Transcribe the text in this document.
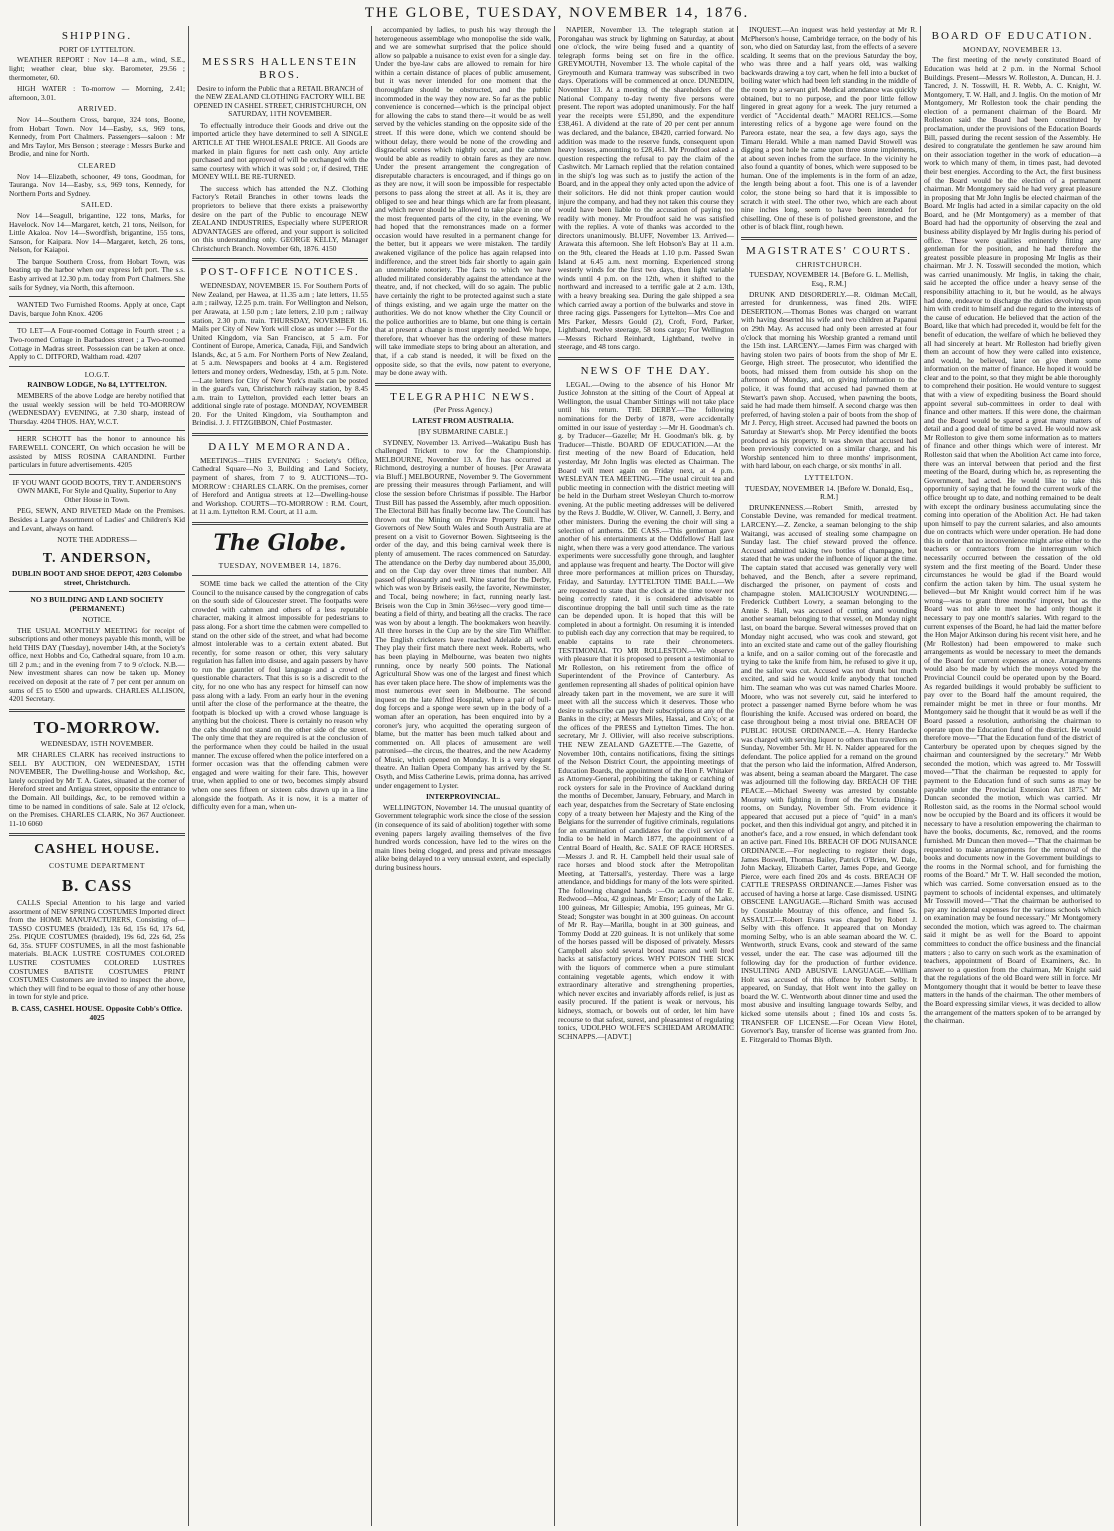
THE GLOBE, TUESDAY, NOVEMBER 14, 1876.
SHIPPING.
PORT OF LYTTELTON.

WEATHER REPORT : Nov 14—8 a.m., wind, S.E., light; weather clear, blue sky. Barometer, 29.56 ; thermometer, 60.

HIGH WATER : To-morrow — Morning, 2.41; afternoon, 3.01.

ARRIVED.

Nov 14—Southern Cross, barque, 324 tons, Boone, from Hobart Town. Nov 14—Easby, s.s, 969 tons, Kennedy, from Port Chalmers. Passengers—saloon : Mr and Mrs Taylor, Mrs Benson ; steerage : Messrs Burke and Brodie, and nine for North.

CLEARED

Nov 14—Elizabeth, schooner, 49 tons, Goodman, for Tauranga. Nov 14—Easby, s.s, 969 tons, Kennedy, for Northern Ports and Sydney.

SAILED.

Nov 14—Seagull, brigantine, 122 tons, Marks, for Havelock. Nov 14—Margaret, ketch, 21 tons, Neilson, for Little Akaloa. Nov 14—Swordfish, brigantine, 155 tons, Sanson, for Kaipara. Nov 14—Margaret, ketch, 26 tons, Nelson, for Kaiapoi.

The barque Southern Cross, from Hobart Town, was beating up the harbor when our express left port. The s.s. Easby arrived at 12.30 p.m. today from Port Chalmers. She sails for Sydney, via North, this afternoon.

WANTED Two Furnished Rooms. Apply at once, Capt Davis, barque John Knox. 4206

TO LET—A Four-roomed Cottage in Fourth street ; a Two-roomed Cottage in Barbadoes street ; a Two-roomed Cottage in Madras street. Possession can be taken at once. Apply to C. DITFORD, Waltham road. 4207

I.O.G.T.
RAINBOW LODGE, No 84, LYTTELTON.

MEMBERS of the above Lodge are hereby notified that the usual weekly session will be held TO-MORROW (WEDNESDAY) EVENING, at 7.30 sharp, instead of Thursday. 4204 THOS. HAY, W.C.T.

HERR SCHOTT has the honor to announce his FAREWELL CONCERT, On which occasion he will be assisted by MISS ROSINA CARANDINI. Further particulars in future advertisements. 4205

IF YOU WANT GOOD BOOTS, TRY T. ANDERSON'S OWN MAKE, For Style and Quality, Superior to Any Other House in Town.

PEG, SEWN, AND RIVETED Made on the Premises. Besides a Large Assortment of Ladies' and Children's Kid and Levant, always on hand.

NOTE THE ADDRESS—
T. ANDERSON,
DUBLIN BOOT AND SHOE DEPOT, 4203 Colombo street, Christchurch.
NO 3 BUILDING AND LAND SOCIETY (PERMANENT.)
NOTICE.

THE USUAL MONTHLY MEETING for receipt of subscriptions and other moneys payable this month, will be held THIS DAY (Tuesday), november 14th, at the Society's office, next Hobbs and Co, Cathedral square, from 10 a.m. till 2 p.m.; and in the evening from 7 to 9 o'clock. N.B.—New investment shares can now be taken up. Money received on deposit at the rate of 7 per cent per annum on sums of £5 to £500 and upwards. CHARLES ALLISON, 4201 Secretary.

TO-MORROW.
WEDNESDAY, 15TH NOVEMBER.

MR CHARLES CLARK has received instructions to SELL BY AUCTION, ON WEDNESDAY, 15TH NOVEMBER, The Dwelling-house and Workshop, &c, lately occupied by Mr T. A. Gates, situated at the corner of Hereford street and Antigua street, opposite the entrance to the Domain. All buildings, &c, to be removed within a time to be named in conditions of sale. Sale at 12 o'clock, on the Premises. CHARLES CLARK, No 367 Auctioneer. 11-10 6060

CASHEL HOUSE.
COSTUME DEPARTMENT
B. CASS

CALLS Special Attention to his large and varied assortment of NEW SPRING COSTUMES Imported direct from the HOME MANUFACTURERS, Consisting of— TASSO COSTUMES (braided), 13s 6d, 15s 6d, 17s 6d, 25s. PIQUE COSTUMES (braided), 19s 6d, 22s 6d, 25s 6d, 35s. STUFF COSTUMES, in all the most fashionable materials. BLACK LUSTRE COSTUMES COLORED LUSTRE COSTUMES COLORED LUSTRES COSTUMES BATISTE COSTUMES PRINT COSTUMES Customers are invited to inspect the above, which they will find to be equal to those of any other house in town for style and price.

B. CASS, CASHEL HOUSE. Opposite Cobb's Office. 4025
MESSRS HALLENSTEIN BROS.

Desire to inform the Public that a RETAIL BRANCH of the NEW ZEALAND CLOTHING FACTORY WILL BE OPENED IN CASHEL STREET, CHRISTCHURCH, ON SATURDAY, 11TH NOVEMBER.

To effectually introduce their Goods and drive out the imported article they have determined to sell A SINGLE ARTICLE AT THE WHOLESALE PRICE. All Goods are marked in plain figures for nett cash only. Any article purchased and not approved of will be exchanged with the same courtesy with which it was sold ; or, if desired, THE MONEY WILL BE RE-TURNED.

The success which has attended the N.Z. Clothing Factory's Retail Branches in other towns leads the proprietors to believe that there exists a praiseworthy desire on the part of the Public to encourage NEW ZEALAND INDUSTRIES, Especially where SUPERIOR ADVANTAGES are offered, and your support is solicited on this understanding only. GEORGE KELLY, Manager Christchurch Branch. November 6th, 1876. 4150

POST-OFFICE NOTICES.

WEDNESDAY, NOVEMBER 15. For Southern Ports of New Zealand, per Hawea, at 11.35 a.m ; late letters, 11.55 a.m ; railway, 12.25 p.m. train. For Wellington and Nelson, per Arawata, at 1.50 p.m ; late letters, 2.10 p.m ; railway station, 2.30 p.m. train. THURSDAY, NOVEMBER 16. Mails per City of New York will close as under :— For the United Kingdom, via San Francisco, at 5 a.m. For Continent of Europe, America, Canada, Fiji, and Sandwich Islands, &c, at 5 a.m. For Northern Ports of New Zealand, at 5 a.m. Newspapers and books at 4 a.m. Registered letters and money orders, Wednesday, 15th, at 5 p.m. Note.—Late letters for City of New York's mails can be posted in the guard's van, Christchurch railway station, by 8.45 a.m. train to Lyttelton, provided each letter bears an additional single rate of postage. MONDAY, NOVEMBER 20. For the United Kingdom, via Southampton and Brindisi. J. J. FITZGIBBON, Chief Postmaster.

DAILY MEMORANDA.

MEETINGS—THIS EVENING : Society's Office, Cathedral Square—No 3, Building and Land Society, payment of shares, from 7 to 9. AUCTIONS—TO-MORROW : CHARLES CLARK. On the premises, corner of Hereford and Antigua streets at 12—Dwelling-house and Workshop. COURTS—TO-MORROW : R.M. Court, at 11 a.m. Lyttelton R.M. Court, at 11 a.m.

The Globe.
TUESDAY, NOVEMBER 14, 1876.

SOME time back we called the attention of the City Council to the nuisance caused by the congregation of cabs on the south side of Gloucester street. The footpaths were crowded with cabmen and others of a less reputable character, making it almost impossible for pedestrians to pass along. For a short time the cabmen were compelled to stand on the other side of the street, and what had become almost intolerable was to a certain extent abated. But recently, for some reason or other, this very salutary regulation has fallen into disuse, and again passers by have to run the gauntlet of foul language and a crowd of questionable characters. That this is so is a discredit to the city, for no one who has any respect for himself can now pass along with a lady. From an early hour in the evening until after the close of the performance at the theatre, the footpath is blocked up with a crowd whose language is anything but the choicest. There is certainly no reason why the cabs should not stand on the other side of the street. The only time that they are required is at the conclusion of the performance when they could be hailed in the usual manner. The excuse offered when the police interfered on a former occasion was that the offending cabmen were engaged and were waiting for their fare. This, however true, when applied to one or two, becomes simply absurd when one sees fifteen or sixteen cabs drawn up in a line alongside the footpath. As it is now, it is a matter of difficulty even for a man, when un-

accompanied by ladies, to push his way through the heterogeneous assemblage who monopolise the side walk, and we are somewhat surprised that the police should allow so palpable a nuisance to exist even for a single day. Under the bye-law cabs are allowed to remain for hire within a certain distance of places of public amusement, but it was never intended for one moment that the thoroughfare should be obstructed, and the public incommoded in the way they now are. So far as the public convenience is concerned—which is the principal object for allowing the cabs to stand there—it would be as well served by the vehicles standing on the opposite side of the street. If this were done, which we contend should be without delay, there would be none of the crowding and disgraceful scenes which nightly occur, and the cabmen would be able as readily to obtain fares as they are now. Under the present arrangement the congregation of disreputable characters is encouraged, and if things go on as they are now, it will soon be impossible for respectable persons to pass along the street at all. As it is, they are obliged to see and hear things which are far from pleasant, and which never should be allowed to take place in one of the most frequented parts of the city, in the evening. We had hoped that the remonstrances made on a former occasion would have resulted in a permanent change for the better, but it appears we were mistaken. The tardily awakened vigilance of the police has again relapsed into indifference, and the street bids fair shortly to again gain an unenviable notoriety. The facts to which we have alluded militated considerably against the attendance at the theatre, and, if not checked, will do so again. The public have certainly the right to be protected against such a state of things existing, and we again urge the matter on the authorities. We do not know whether the City Council or the police authorities are to blame, but one thing is certain that at present a change is most urgently needed. We hope, therefore, that whoever has the ordering of these matters will take immediate steps to bring about an alteration, and that, if a cab stand is needed, it will be fixed on the opposite side, so that the evils, now patent to everyone, may be done away with.

TELEGRAPHIC NEWS.
(Per Press Agency.)
LATEST FROM AUSTRALIA.
[BY SUBMARINE CABLE.]

SYDNEY, November 13. Arrived—Wakatipu Bush has challenged Trickett to row for the Championship. MELBOURNE, November 13. A fire has occurred at Richmond, destroying a number of houses. [Per Arawata via Bluff.] MELBOURNE, November 9. The Government are pressing their measures through Parliament, and will close the session before Christmas if possible. The Harbor Trust Bill has passed the Assembly, after much opposition. The Electoral Bill has finally become law. The Council has thrown out the Mining on Private Property Bill. The Governors of New South Wales and South Australia are at present on a visit to Governor Bowen. Sightseeing is the order of the day, and this being carnival week there is plenty of amusement. The races commenced on Saturday. The attendance on the Derby day numbered about 35,000, and on the Cup day over three times that number. All passed off pleasantly and well. Nine started for the Derby, which was won by Briseis easily, the favorite, Newminster, and Tocal, being nowhere; in fact, running nearly last. Briseis won the Cup in 3min 36½sec—very good time—beating a field of thirty, and beating all the cracks. The race was won by about a length. The bookmakers won heavily. All three horses in the Cup are by the sire Tim Whiffler. The English cricketers have reached Adelaide all well. They play their first match there next week. Roberts, who has been playing in Melbourne, was beaten two nights running, once by nearly 500 points. The National Agricultural Show was one of the largest and finest which has ever taken place here. The show of implements was the most numerous ever seen in Melbourne. The second inquest on the late Alfred Hospital, where a pair of bull-dog forceps and a sponge were sewn up in the body of a woman after an operation, has been enquired into by a coroner's jury, who acquitted the operating surgeon of blame, but the matter has been much talked about and commented on. All places of amusement are well patronised—the circus, the theatres, and the new Academy of Music, which opened on Monday. It is a very elegant theatre. An Italian Opera Company has arrived by the St. Osyth, and Miss Catherine Lewis, prima donna, has arrived under engagement to Lyster.

INTERPROVINCIAL.

WELLINGTON, November 14. The unusual quantity of Government telegraphic work since the close of the session (in consequence of its said of abolition) together with some evening papers largely availing themselves of the five hundred words concession, have led to the wires on the main lines being clogged, and press and private messages alike being delayed to a very unusual extent, and especially during business hours.

NAPIER, November 13. The telegraph station at Porongahau was struck by lightning on Saturday, at about one o'clock, the wire being fused and a quantity of telegraph forms being set on fire in the office. GREYMOUTH, November 13. The whole capital of the Greymouth and Kumara tramway was subscribed in two days. Operations will be commenced at once. DUNEDIN, November 13. At a meeting of the shareholders of the National Company to-day twenty five persons were present. The report was adopted unanimously. For the half year the receipts were £51,890, and the expenditure £38,461. A dividend at the rate of 20 per cent per annum was declared, and the balance, £8420, carried forward. No addition was made to the reserve funds, consequent upon heavy losses, amounting to £28,461. Mr Proudfoot asked a question respecting the refusal to pay the claim of the Cashwitch. Mr Larnach replied that the relation contained in the ship's log was such as to justify the action of the Board, and in the appeal they only acted upon the advice of their solicitors. He did not think proper caution would injure the company, and had they not taken this course they would have been liable to the accusation of paying too readily with money. Mr Proudfoot said he was satisfied with the replies. A vote of thanks was accorded to the directors unanimously. BLUFF, November 13. Arrived—Arawata this afternoon. She left Hobson's Bay at 11 a.m. on the 9th, cleared the Heads at 1.10 p.m. Passed Swan Island at 6.45 a.m. next morning. Experienced strong westerly winds for the first two days, then light variable winds until 4 p.m. on the 12th, when it shifted to the northward and increased to a terrific gale at 2 a.m. 13th, with a heavy breaking sea. During the gale shipped a sea which carried away a portion of the bulwarks and stove in three racing gigs. Passengers for Lyttelton—Mrs Coe and Mrs Parker, Messrs Gould (2), Croft, Ford, Parker, Lightband, twelve steerage, 58 tons cargo; For Wellington—Messrs Richard Reinhardt, Lightband, twelve in steerage, and 48 tons cargo.

NEWS OF THE DAY.

LEGAL.—Owing to the absence of his Honor Mr Justice Johnston at the sitting of the Court of Appeal at Wellington, the usual Chamber Sittings will not take place until his return. THE DERBY.—The following nominations for the Derby of 1878, were accidentally omitted in our issue of yesterday :—Mr H. Goodman's ch. g. by Traducer—Gazelle; Mr H. Goodman's blk. g. by Traducer—Thistle. BOARD OF EDUCATION.—At the first meeting of the new Board of Education, held yesterday, Mr John Inglis was elected as Chairman. The Board will meet again on Friday next, at 4 p.m. WESLEYAN TEA MEETING.—The usual circuit tea and public meeting in connection with the district meeting will be held in the Durham street Wesleyan Church to-morrow evening. At the public meeting addresses will be delivered by the Revs J. Buddle, W. Oliver, W. Cannell, J. Berry, and other ministers. During the evening the choir will sing a selection of anthems. DE CASS.—This gentleman gave another of his entertainments at the Oddfellows' Hall last night, when there was a very good attendance. The various experiments were successfully gone through, and laughter and applause was frequent and hearty. The Doctor will give three more performances at million prices on Thursday, Friday, and Saturday. LYTTELTON TIME BALL.—We are requested to state that the clock at the time tower not being correctly rated, it is considered advisable to discontinue dropping the ball until such time as the rate can be depended upon. It is hoped that this will be completed in about a fortnight. On resuming it is intended to publish each day any correction that may be required, to enable captains to rate their chronometers. TESTIMONIAL TO MR ROLLESTON.—We observe with pleasure that it is proposed to present a testimonial to Mr Rolleston, on his retirement from the office of Superintendent of the Province of Canterbury. As gentlemen representing all shades of political opinion have already taken part in the movement, we are sure it will meet with all the success which it deserves. Those who desire to subscribe can pay their subscriptions at any of the Banks in the city; at Messrs Miles, Hassal, and Co's; or at the offices of the PRESS and Lyttelton Times. The hon. secretary, Mr J. Ollivier, will also receive subscriptions. THE NEW ZEALAND GAZETTE.—The Gazette, of November 10th, contains notifications, fixing the sittings of the Nelson District Court, the appointing meetings of Education Boards, the appointment of the Hon F. Whitaker as Attorney-General, prohibiting the taking or catching of rock oysters for sale in the Province of Auckland during the months of December, January, February, and March in each year, despatches from the Secretary of State enclosing copy of a treaty between her Majesty and the King of the Belgians for the surrender of fugitive criminals, regulations for an examination of candidates for the civil service of India to be held in March 1877, the appointment of a Central Board of Health, &c. SALE OF RACE HORSES.—Messrs J. and R. H. Campbell held their usual sale of race horses and blood stock after the Metropolitan Meeting, at Tattersall's, yesterday. There was a large attendance, and biddings for many of the lots were spirited. The following changed hands :—On account of Mr E. Redwood—Moa, 42 guineas, Mr Ensor; Lady of the Lake, 100 guineas, Mr Gillespie; Amobia, 195 guineas, Mr G. Stead; Songster was bought in at 300 guineas. On account of Mr R. Ray—Marilla, bought in at 300 guineas, and Tommy Dodd at 220 guineas. It is not unlikely that some of the horses passed will be disposed of privately. Messrs Campbell also sold several brood mares and well bred hacks at satisfactory prices. WHY POISON THE SICK with the liquors of commerce when a pure stimulant containing vegetable agents, which endow it with extraordinary alterative and strengthening properties, which never excites and invariably affords relief, is just as easily procured. If the patient is weak or nervous, his kidneys, stomach, or bowels out of order, let him have recourse to that safest, surest, and pleasantest of regulating tonics, UDOLPHO WOLFE'S SCHIEDAM AROMATIC SCHNAPPS.—[ADVT.]

INQUEST.—An inquest was held yesterday at Mr R. McPherson's house, Cambridge terrace, on the body of his son, who died on Saturday last, from the effects of a severe scalding. It seems that on the previous Saturday the boy, who was three and a half years old, was walking backwards drawing a toy cart, when he fell into a bucket of boiling water which had been left standing in the middle of the room by a servant girl. Medical attendance was quickly obtained, but to no purpose, and the poor little fellow lingered in great agony for a week. The jury returned a verdict of "Accidental death." MAORI RELICS.—Some interesting relics of a bygone age were found on the Pareora estate, near the sea, a few days ago, says the Timaru Herald. While a man named David Stowell was digging a post hole he came upon three stone implements, at about seven inches from the surface. In the vicinity he also found a quantity of bones, which were supposed to be human. One of the implements is in the form of an adze, the length being about a foot. This one is of a lavender color, the stone being so hard that it is impossible to scratch it with steel. The other two, which are each about nine inches long, seem to have been intended for chiselling. One of these is of polished greenstone, and the other is of black flint, rough hewn.

MAGISTRATES' COURTS.
CHRISTCHURCH.
TUESDAY, NOVEMBER 14. [Before G. L. Mellish, Esq., R.M.]

DRUNK AND DISORDERLY.—R. Oldman McCall, arrested for drunkenness, was fined 20s. WIFE DESERTION.—Thomas Bones was charged on warrant with having deserted his wife and two children at Papanui on 29th May. As accused had only been arrested at four o'clock that morning his Worship granted a remand until the 15th inst. LARCENY.—James Firm was charged with having stolen two pairs of boots from the shop of Mr E. George, High street. The prosecutor, who identified the boots, had missed them from outside his shop on the afternoon of Monday, and, on giving information to the police, it was found that accused had pawned them at Stewart's pawn shop. Accused, when pawning the boots, said he had made them himself. A second charge was then preferred, of having stolen a pair of boots from the shop of Mr J. Percy, High street. Accused had pawned the boots on Saturday at Stewart's shop. Mr Percy identified the boots produced as his property. It was shown that accused had been previously convicted on a similar charge, and his Worship sentenced him to three months' imprisonment, with hard labour, on each charge, or six months' in all.

LYTTELTON.
TUESDAY, NOVEMBER 14. [Before W. Donald, Esq., R.M.]

DRUNKENNESS.—Robert Smith, arrested by Constable Devine, was remanded for medical treatment. LARCENY.—Z. Zencke, a seaman belonging to the ship Waitangi, was accused of stealing some champagne on Sunday last. The chief steward proved the offence. Accused admitted taking two bottles of champagne, but stated that he was under the influence of liquor at the time. The captain stated that accused was generally very well behaved, and the Bench, after a severe reprimand, discharged the prisoner, on payment of costs and champagne stolen. MALICIOUSLY WOUNDING.—Frederick Cuthbert Lowry, a seaman belonging to the Annie S. Hall, was accused of cutting and wounding another seaman belonging to that vessel, on Monday night last, on board the barque. Several witnesses proved that on Monday night accused, who was cook and steward, got into an excited state and came out of the galley flourishing a knife, and on a sailor coming out of the forecastle and trying to take the knife from him, he refused to give it up, and the sailor was cut. Accused was not drunk but much excited, and said he would knife anybody that touched him. The seaman who was cut was named Charles Moore. Moore, who was not severely cut, said he interfered to protect a passenger named Byrne before whom he was flourishing the knife. Accused was ordered on board, the case throughout being a most trivial one. BREACH OF PUBLIC HOUSE ORDINANCE.—A. Henry Hardecke was charged with serving liquor to others than travellers on Sunday, November 5th. Mr H. N. Nalder appeared for the defendant. The police applied for a remand on the ground that the person who laid the information, Alfred Anderson, was absent, being a seaman aboard the Margaret. The case was adjourned till the following day. BREACH OF THE PEACE.—Michael Sweeny was arrested by constable Moutray with fighting in front of the Victoria Dining-rooms, on Sunday, November 5th. From evidence it appeared that accused put a piece of "quid" in a man's pocket, and then this individual got angry, and pitched it in another's face, and a row ensued, in which defendant took an active part. Fined 10s. BREACH OF DOG NUISANCE ORDINANCE.—For neglecting to register their dogs, James Boswell, Thomas Bailey, Patrick O'Brien, W. Dale, John Mackay, Elizabeth Carter, James Pope, and George Pierce, were each fined 20s and 4s costs. BREACH OF CATTLE TRESPASS ORDINANCE.—James Fisher was accused of having a horse at large. Case dismissed. USING OBSCENE LANGUAGE.—Richard Smith was accused by Constable Moutray of this offence, and fined 5s. ASSAULT.—Robert Evans was charged by Robert J. Selby with this offence. It appeared that on Monday morning Selby, who is an able seaman aboard the W. C. Wentworth, struck Evans, cook and steward of the same vessel, under the ear. The case was adjourned till the following day for the production of further evidence. INSULTING AND ABUSIVE LANGUAGE.—William Holt was accused of this offence by Robert Selby. It appeared, on Sunday, that Holt went into the galley on board the W. C. Wentworth about dinner time and used the most abusive and insulting language towards Selby, and kicked some utensils about ; fined 10s and costs 5s. TRANSFER OF LICENSE.—For Ocean View Hotel, Governor's Bay, transfer of license was granted from Jno. E. Fitzgerald to Thomas Blyth.

BOARD OF EDUCATION.
MONDAY, NOVEMBER 13.

The first meeting of the newly constituted Board of Education was held at 2 p.m. in the Normal School Buildings. Present—Messrs W. Rolleston, A. Duncan, H. J. Tancred, J. N. Tosswill, H. R. Webb, A. C. Knight, W. Montgomery, T. W. Hall, and J. Inglis. On the motion of Mr Montgomery, Mr Rolleston took the chair pending the election of a permanent chairman of the Board. Mr Rolleston said the Board had been constituted by proclamation, under the provisions of the Education Boards Bill, passed during the recent session of the Assembly. He desired to congratulate the gentlemen he saw around him on their association together in the work of education—a work to which many of them, in times past, had devoted their best energies. According to the Act, the first business of the Board would be the election of a permanent chairman. Mr Montgomery said he had very great pleasure in proposing that Mr John Inglis be elected chairman of the Board. Mr Inglis had acted in a similar capacity on the old Board, and he (Mr Montgomery) as a member of that Board had had the opportunity of observing the zeal and business ability displayed by Mr Inglis during his period of office. These were qualities eminently fitting any gentleman for the position, and he had therefore the greatest possible pleasure in proposing Mr Inglis as their chairman. Mr J. N. Tosswill seconded the motion, which was carried unanimously. Mr Inglis, in taking the chair, said he accepted the office under a heavy sense of the responsibility attaching to it, but he would, as he always had done, endeavor to discharge the duties devolving upon him with credit to himself and due regard to the interests of the cause of education. He believed that the action of the Board, like that which had preceded it, would be felt for the benefit of education, the welfare of which he believed they all had sincerely at heart. Mr Rolleston had briefly given them an account of how they were called into existence, and would, he believed, later on give them some information on the matter of finance. He hoped it would be clear and to the point, so that they might be able thoroughly to comprehend their position. He would venture to suggest that with a view of expediting business the Board should appoint several sub-committees in order to deal with finance and other matters. If this were done, the chairman and the Board would be spared a great many matters of detail and a good deal of time be saved. He would now ask Mr Rolleston to give them some information as to matters of finance and other things which were of interest. Mr Rolleston said that when the Abolition Act came into force, there was an interval between that period and the first meeting of the Board, during which he, as representing the Government, had acted. He would like to take this opportunity of saying that he found the current work of the office brought up to date, and nothing remained to be dealt with except the ordinary business accumulating since the coming into operation of the Abolition Act. He had taken upon himself to pay the current salaries, and also amounts due on contracts which were under operation. He had done this in order that no inconvenience might arise either to the teachers or contractors from the interregnum which necessarily occurred between the cessation of the old system and the first meeting of the Board. Under these circumstances he would be glad if the Board would confirm the action taken by him. The usual system he believed—but Mr Knight would correct him if he was wrong—was to grant three months' imprest, but as the Board was not able to meet he had only thought it necessary to pay one month's salaries. With regard to the current expenses of the Board, he had laid the matter before the Hon Major Atkinson during his recent visit here, and he (Mr Rolleston) had been empowered to make such arrangements as would be necessary to meet the demands of the Board for current expenses at once. Arrangements would also be made by which the moneys voted by the Provincial Council could be operated upon by the Board. As regarded buildings it would probably be sufficient to pay over to the Board half the amount required, the remainder might be met in three or four months. Mr Montgomery said he thought that it would be as well if the Board passed a resolution, authorising the chairman to operate upon the Education fund of the district. He would therefore move—"That the Education fund of the district of Canterbury be operated upon by cheques signed by the chairman and countersigned by the secretary." Mr Webb seconded the motion, which was agreed to. Mr Tosswill moved—"That the chairman be requested to apply for payment to the Education fund of such sums as may be payable under the Provincial Extension Act 1875." Mr Duncan seconded the motion, which was carried. Mr Rolleston said, as the rooms in the Normal school would now be occupied by the Board and its officers it would be necessary to have a resolution empowering the chairman to have the books, documents, &c, removed, and the rooms furnished. Mr Duncan then moved—"That the chairman be requested to make arrangements for the removal of the books and documents now in the Government buildings to the rooms in the Normal school, and for furnishing the rooms of the Board." Mr T. W. Hall seconded the motion, which was carried. Some conversation ensued as to the payment to schools of incidental expenses, and ultimately Mr Tosswill moved—"That the chairman be authorised to pay any incidental expenses for the various schools which on examination may be found necessary." Mr Montgomery seconded the motion, which was agreed to. The chairman said it might be as well for the Board to appoint committees to conduct the office business and the financial matters ; also to carry on such work as the examination of teachers, appointment of Board of Examiners, &c. In answer to a question from the chairman, Mr Knight said that the regulations of the old Board were still in force. Mr Montgomery thought that it would be better to leave these matters in the hands of the chairman. The other members of the Board expressing similar views, it was decided to allow the arrangement of the matters spoken of to be arranged by the chairman.
